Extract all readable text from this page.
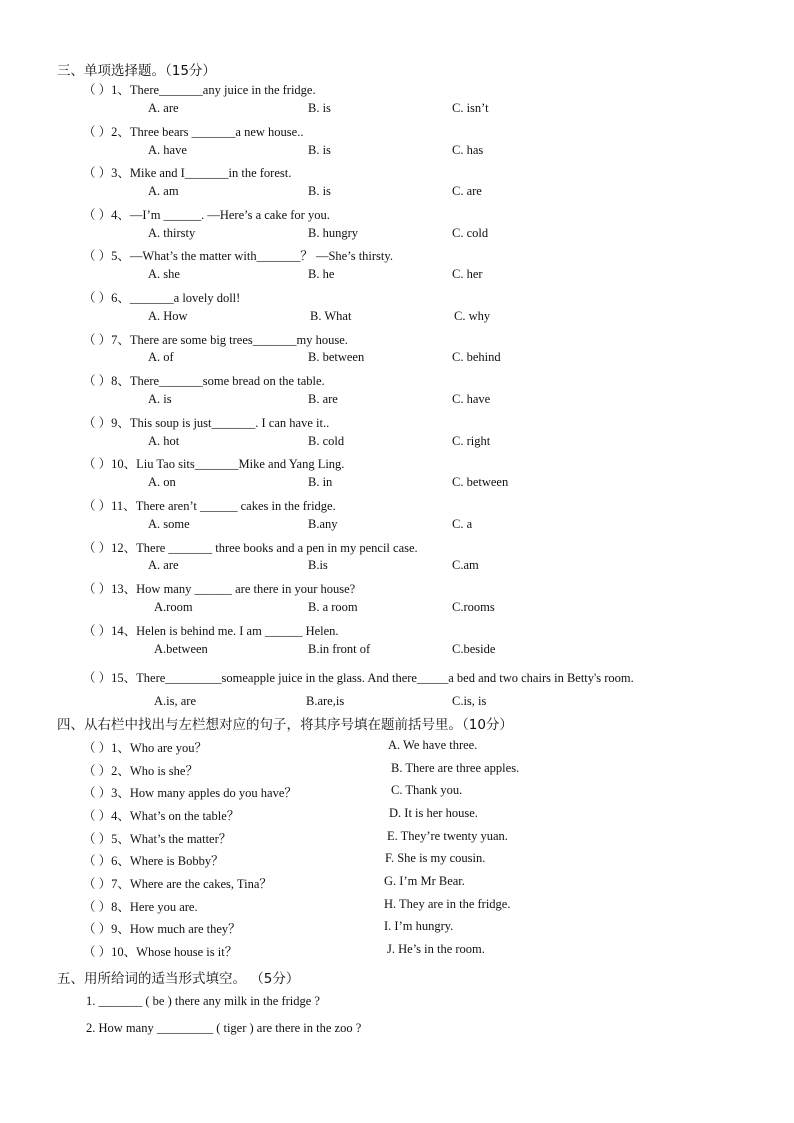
三、单项选择题。（15分）
（ ）1、There_______any juice in the fridge.
A. are	B. is	C. isn’t
（ ）2、Three bears _______a new house..
A. have	B. is	C. has
（ ）3、Mike and I_______in the forest.
A. am	B. is	C. are
（ ）4、—I’m ______. —Here’s a cake for you.
A. thirsty	B. hungry	C. cold
（ ）5、—What’s the matter with_______？ —She’s thirsty.
A. she	B. he	C. her
（ ）6、_______a lovely doll!
A. How	B. What	C. why
（ ）7、There are some big trees_______my house.
A. of	B. between	C. behind
（ ）8、There_______some bread on the table.
A. is	B. are	C. have
（ ）9、This soup is just_______. I can have it..
A. hot	B. cold	C. right
（ ）10、Liu Tao sits_______Mike and Yang Ling.
A. on	B. in	C. between
（ ）11、There aren’t ______ cakes in the fridge.
A. some	B.any	C. a
（ ）12、There _______ three books and a pen in my pencil case.
A. are	B.is	C.am
（ ）13、How many ______ are there in your house?
A.room	B. a room	C.rooms
（ ）14、Helen is behind me. I am ______ Helen.
A.between	B.in front of	C.beside
（ ）15、There_________someapple juice in the glass. And there_____a bed and two chairs in Betty's room.
A.is, are	B.are,is	C.is, is
四、从右栏中找出与左栏想对应的句子，将其序号填在题前括号里。（10分）
（ ）1、Who are you？	A. We have three.
（ ）2、Who is she？	B. There are three apples.
（ ）3、How many apples do you have？	C. Thank you.
（ ）4、What’s on the table？	D. It is her house.
（ ）5、What’s the matter？	E. They’re twenty yuan.
（ ）6、Where is Bobby？	F. She is my cousin.
（ ）7、Where are the cakes, Tina？	G. I’m Mr Bear.
（ ）8、Here you are.	H. They are in the fridge.
（ ）9、How much are they？	I. I’m hungry.
（ ）10、Whose house is it？	J. He’s in the room.
五、用所给词的适当形式填空。 （5分）
1. _______ ( be ) there any milk in the fridge ?
2. How many _________ ( tiger ) are there in the zoo ?
